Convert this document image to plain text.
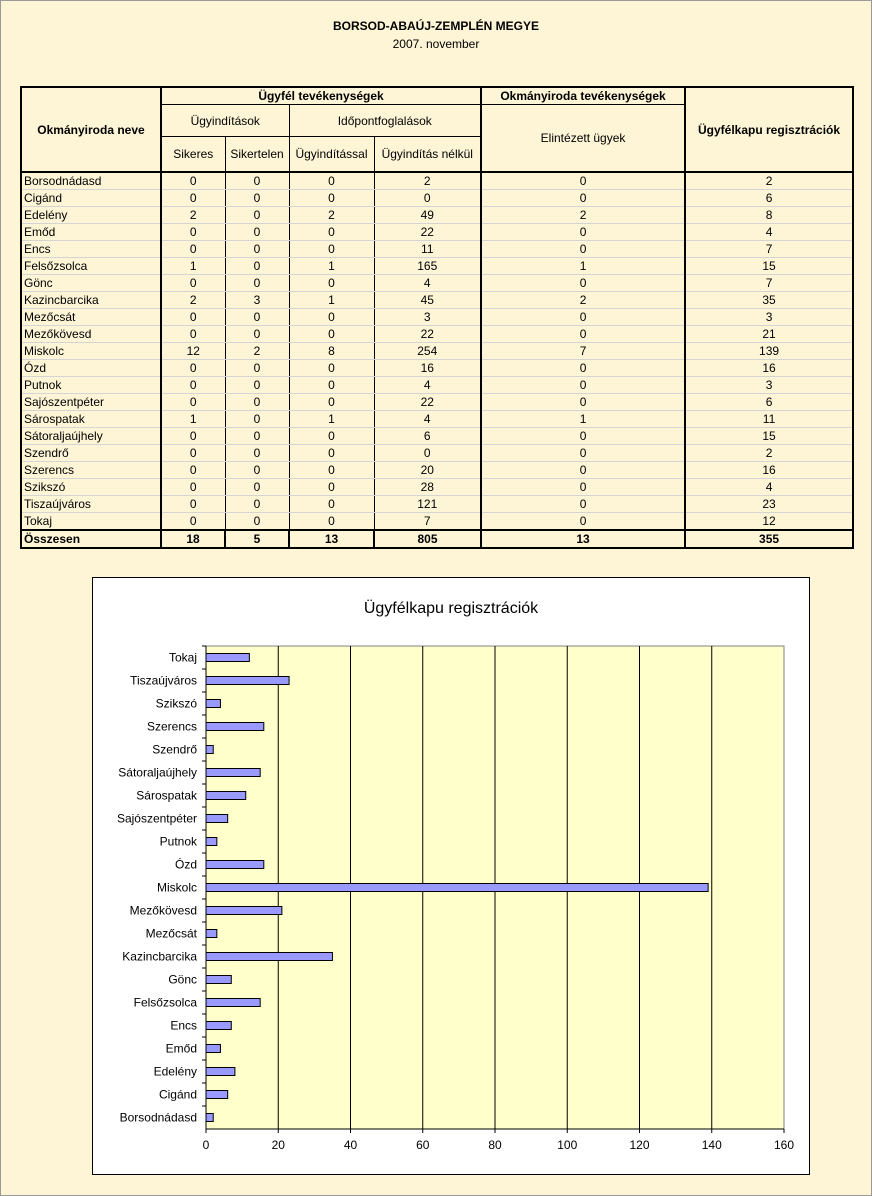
BORSOD-ABAÚJ-ZEMPLÉN MEGYE
2007. november
Okmányiroda neve	Ügyfél tevékenységek				Okmányiroda tevékenységek	Ügyfélkapu regisztrációk
	Ügyindítások		Időpontfoglalások		Elintézett ügyek	
	Sikeres	Sikertelen	Ügyindítással	Ügyindítás nélkül		
Borsodnádasd	0	0	0	2	0	2
Cigánd	0	0	0	0	0	6
Edelény	2	0	2	49	2	8
Emőd	0	0	0	22	0	4
Encs	0	0	0	11	0	7
Felsőzsolca	1	0	1	165	1	15
Gönc	0	0	0	4	0	7
Kazincbarcika	2	3	1	45	2	35
Mezőcsát	0	0	0	3	0	3
Mezőkövesd	0	0	0	22	0	21
Miskolc	12	2	8	254	7	139
Ózd	0	0	0	16	0	16
Putnok	0	0	0	4	0	3
Sajószentpéter	0	0	0	22	0	6
Sárospatak	1	0	1	4	1	11
Sátoraljaújhely	0	0	0	6	0	15
Szendrő	0	0	0	0	0	2
Szerencs	0	0	0	20	0	16
Szikszó	0	0	0	28	0	4
Tiszaújváros	0	0	0	121	0	23
Tokaj	0	0	0	7	0	12
Összesen	18	5	13	805	13	355
Ügyfélkapu regisztrációk
0	20	40	60	80	100	120	140	160
Tokaj
Tiszaújváros
Szikszó
Szerencs
Szendrő
Sátoraljaújhely
Sárospatak
Sajószentpéter
Putnok
Ózd
Miskolc
Mezőkövesd
Mezőcsát
Kazincbarcika
Gönc
Felsőzsolca
Encs
Emőd
Edelény
Cigánd
Borsodnádasd
